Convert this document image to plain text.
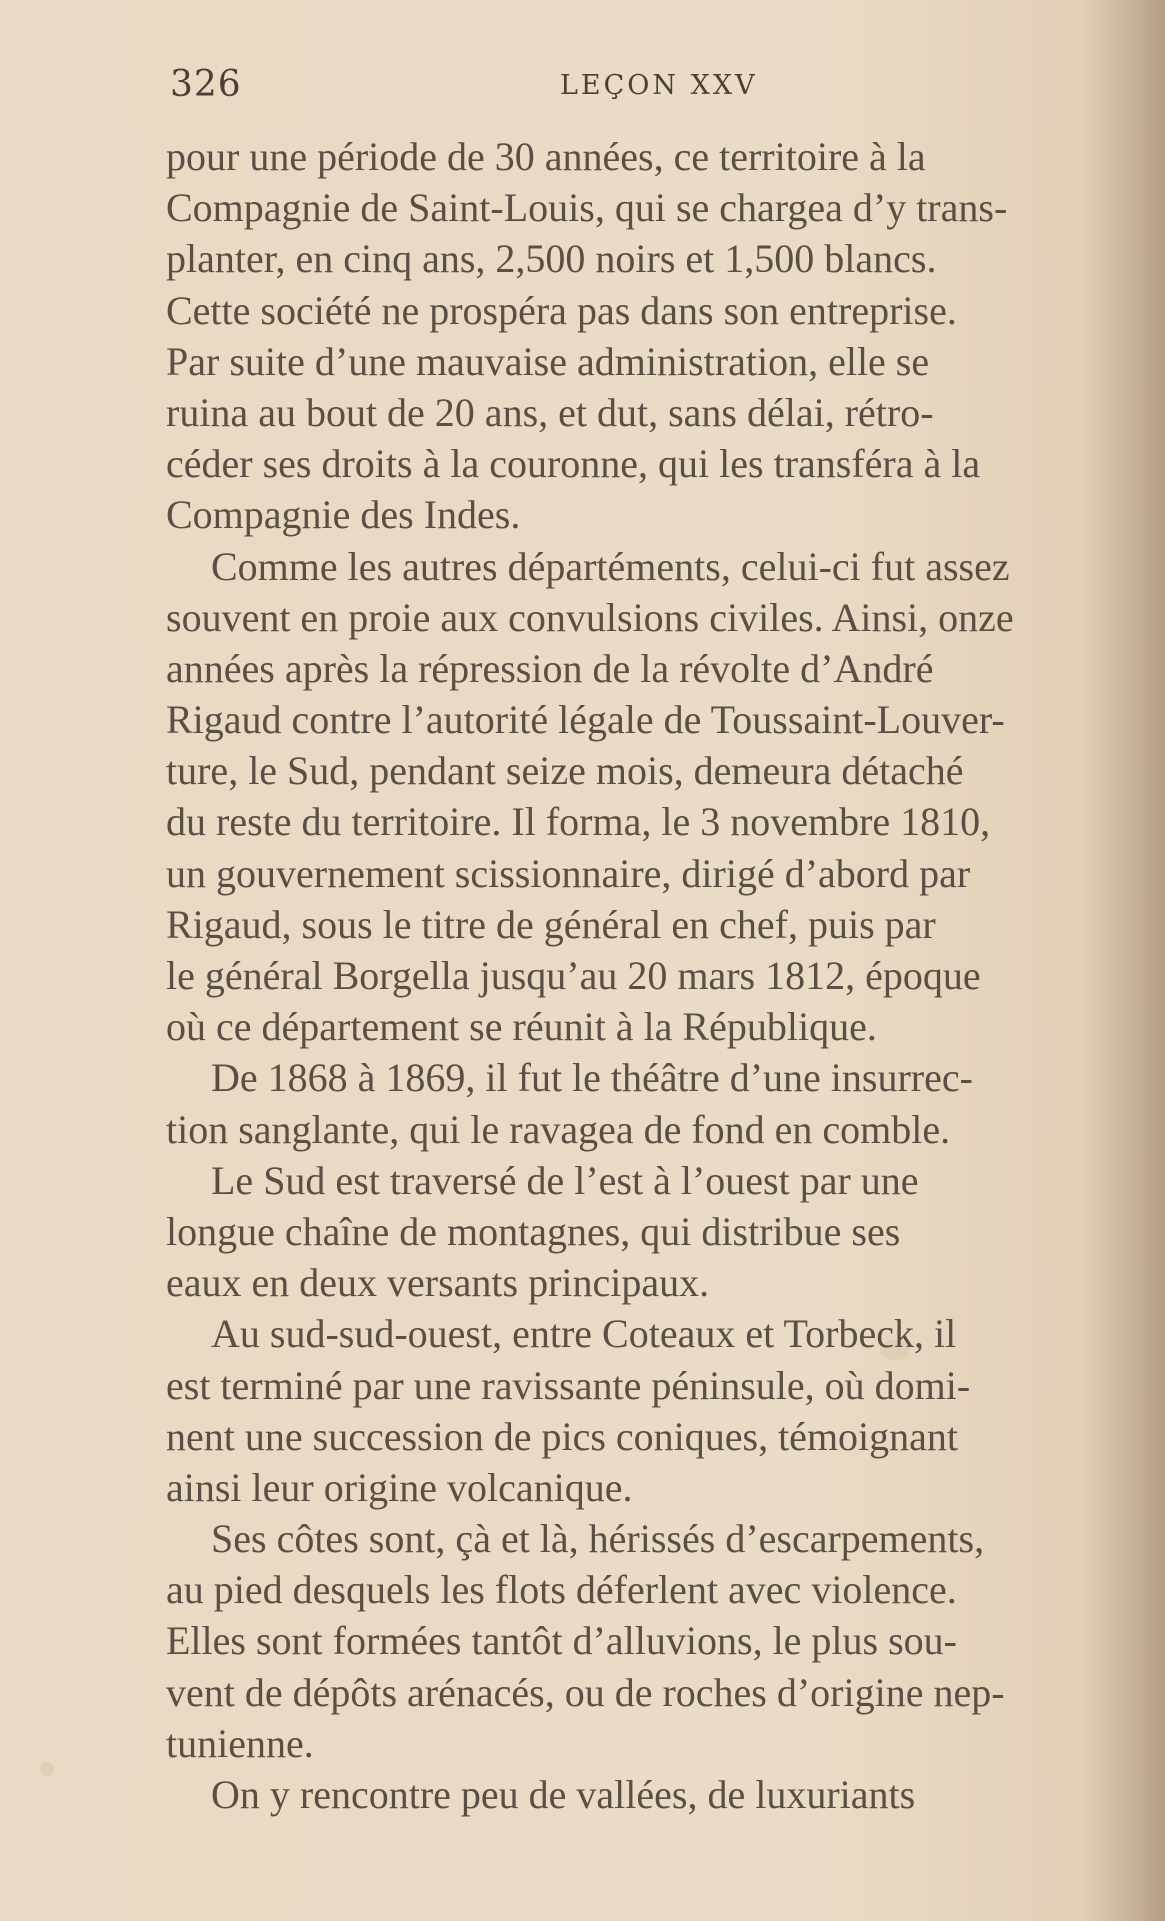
326	LEÇON XXV
pour une période de 30 années, ce territoire à la
Compagnie de Saint-Louis, qui se chargea d’y trans-
planter, en cinq ans, 2,500 noirs et 1,500 blancs.
Cette société ne prospéra pas dans son entreprise.
Par suite d’une mauvaise administration, elle se
ruina au bout de 20 ans, et dut, sans délai, rétro-
céder ses droits à la couronne, qui les transféra à la
Compagnie des Indes.
Comme les autres départéments, celui-ci fut assez
souvent en proie aux convulsions civiles. Ainsi, onze
années après la répression de la révolte d’André
Rigaud contre l’autorité légale de Toussaint-Louver-
ture, le Sud, pendant seize mois, demeura détaché
du reste du territoire. Il forma, le 3 novembre 1810,
un gouvernement scissionnaire, dirigé d’abord par
Rigaud, sous le titre de général en chef, puis par
le général Borgella jusqu’au 20 mars 1812, époque
où ce département se réunit à la République.
De 1868 à 1869, il fut le théâtre d’une insurrec-
tion sanglante, qui le ravagea de fond en comble.
Le Sud est traversé de l’est à l’ouest par une
longue chaîne de montagnes, qui distribue ses
eaux en deux versants principaux.
Au sud-sud-ouest, entre Coteaux et Torbeck, il
est terminé par une ravissante péninsule, où domi-
nent une succession de pics coniques, témoignant
ainsi leur origine volcanique.
Ses côtes sont, çà et là, hérissés d’escarpements,
au pied desquels les flots déferlent avec violence.
Elles sont formées tantôt d’alluvions, le plus sou-
vent de dépôts arénacés, ou de roches d’origine nep-
tunienne.
On y rencontre peu de vallées, de luxuriants
